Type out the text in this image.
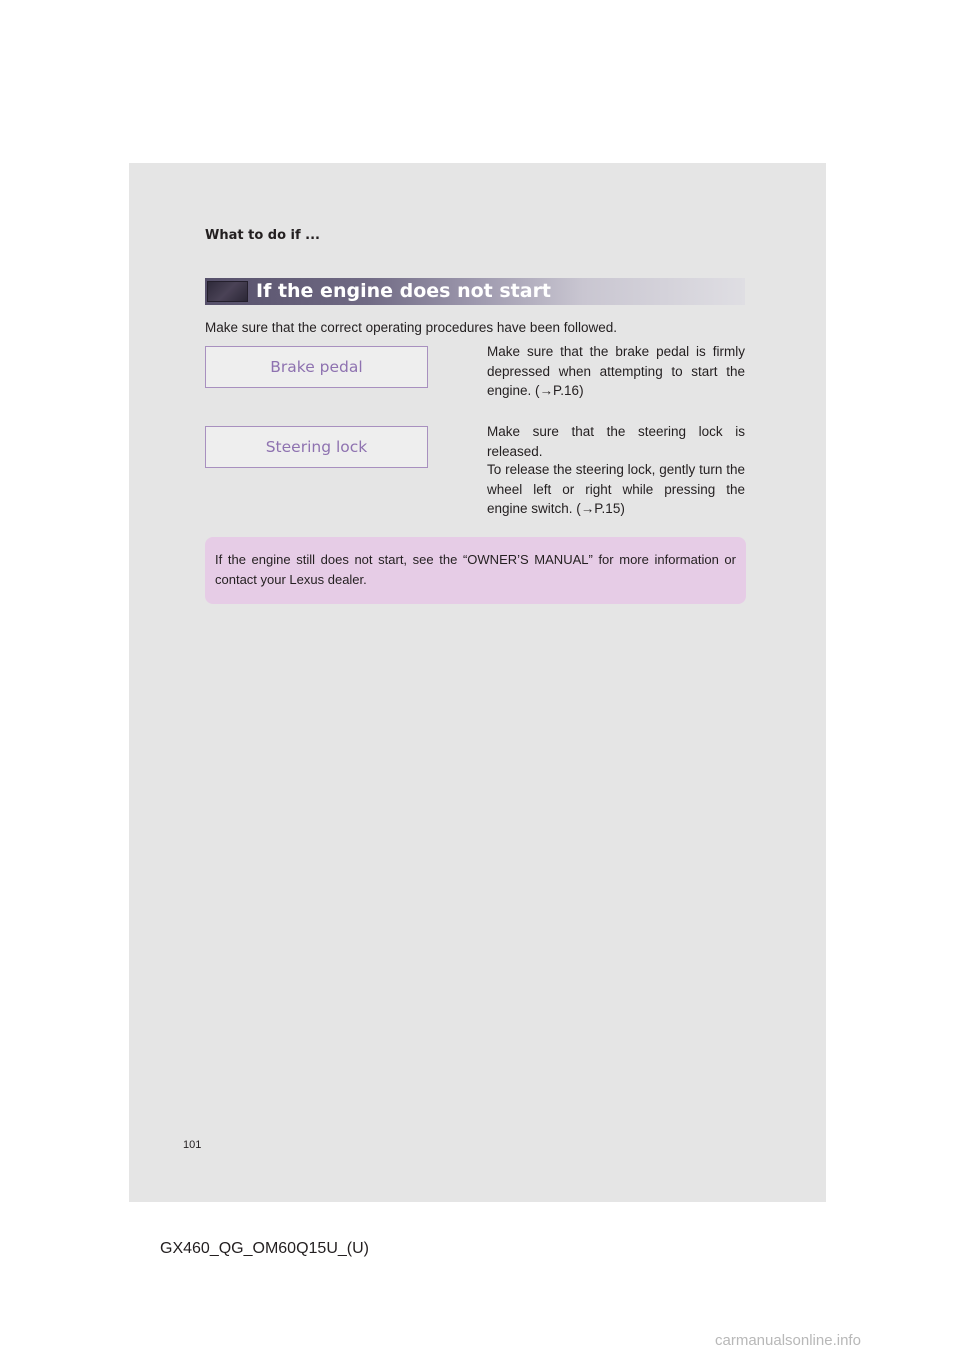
What to do if ...
If the engine does not start
Make sure that the correct operating procedures have been followed.
Brake pedal
Make sure that the brake pedal is firmly depressed when attempting to start the engine. (→P.16)
Steering lock
Make sure that the steering lock is released.
To release the steering lock, gently turn the wheel left or right while pressing the engine switch. (→P.15)

If the engine still does not start, see the “OWNER’S MANUAL” for more information or contact your Lexus dealer.

101
GX460_QG_OM60Q15U_(U)
carmanualsonline.info
